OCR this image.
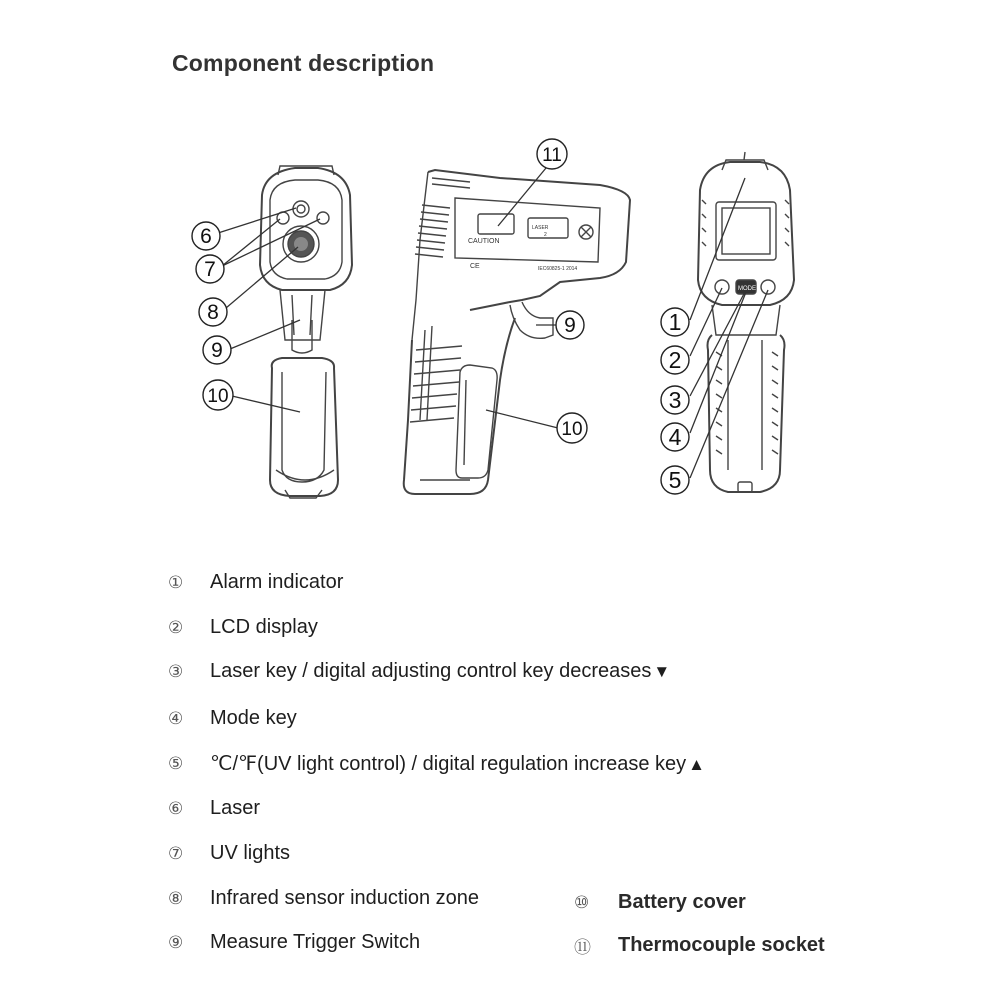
Component description
CAUTION
LASER
2
CE	IEC60825-1 2014
MODE
6
7
8
9
10
11
9
10
1
2
3
4
5
①	Alarm indicator
②	LCD display
③	Laser key / digital adjusting control key decreases ▼
④	Mode key
⑤	℃/℉(UV light control) / digital regulation increase key ▲
⑥	Laser
⑦	UV lights
⑧	Infrared sensor induction zone
⑨	Measure Trigger Switch
⑩	Battery cover
⑪	Thermocouple socket
